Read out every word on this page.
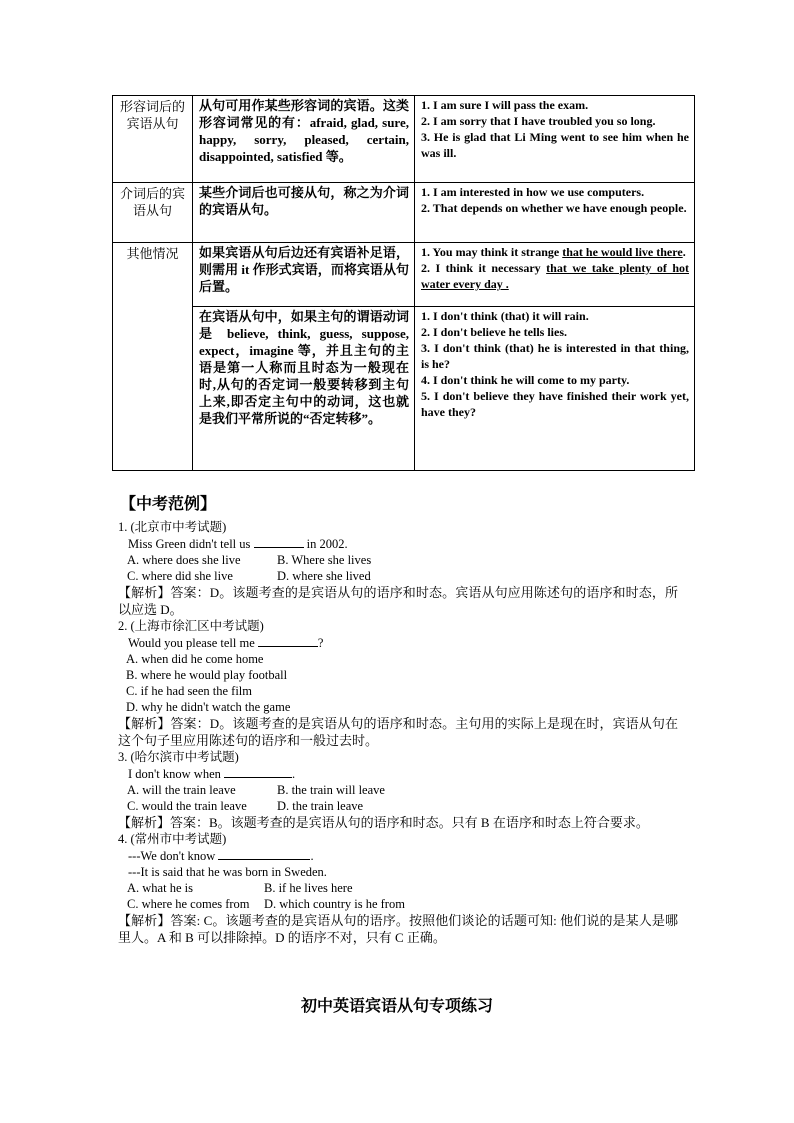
形容词后的宾语从句	从句可用作某些形容词的宾语。这类形容词常见的有：afraid, glad, sure, happy, sorry, pleased, certain, disappointed, satisfied 等。	1. I am sure I will pass the exam.

2. I am sorry that I have troubled you so long.

3. He is glad that Li Ming went to see him when he was ill.

介词后的宾语从句	某些介词后也可接从句，称之为介词的宾语从句。	1. I am interested in how we use computers.

2. That depends on whether we have enough people.

其他情况	如果宾语从句后边还有宾语补足语，则需用 it 作形式宾语，而将宾语从句后置。	1. You may think it strange that he would live there.

2. I think it necessary that we take plenty of hot water every day .

	在宾语从句中，如果主句的谓语动词是 believe, think, guess, suppose, expect，imagine 等，并且主句的主语是第一人称而且时态为一般现在时,从句的否定词一般要转移到主句上来,即否定主句中的动词，这也就是我们平常所说的“否定转移”。	1. I don't think (that) it will rain.

2. I don't believe he tells lies.

3. I don't think (that) he is interested in that thing, is he?

4. I don't think he will come to my party.

5. I don't believe they have finished their work yet, have they?

【中考范例】

1. (北京市中考试题)

Miss Green didn't tell us	in 2002.

A. where does she live	B. Where she lives
C. where did she live	D. where she lived

【解析】答案：D。该题考查的是宾语从句的语序和时态。宾语从句应用陈述句的语序和时态，所以应选 D。

2. (上海市徐汇区中考试题)

Would you please tell me	?

A. when did he come home

B. where he would play football

C. if he had seen the film

D. why he didn't watch the game

【解析】答案：D。该题考查的是宾语从句的语序和时态。主句用的实际上是现在时，宾语从句在这个句子里应用陈述句的语序和一般过去时。

3. (哈尔滨市中考试题)

I don't know when	.

A. will the train leave	B. the train will leave
C. would the train leave	D. the train leave

【解析】答案：B。该题考查的是宾语从句的语序和时态。只有 B 在语序和时态上符合要求。

4. (常州市中考试题)

---We don't know	.

---It is said that he was born in Sweden.

A. what he is	B. if he lives here
C. where he comes from	D. which country is he from

【解析】答案: C。该题考查的是宾语从句的语序。按照他们谈论的话题可知: 他们说的是某人是哪里人。A 和 B 可以排除掉。D 的语序不对，只有 C 正确。

初中英语宾语从句专项练习
